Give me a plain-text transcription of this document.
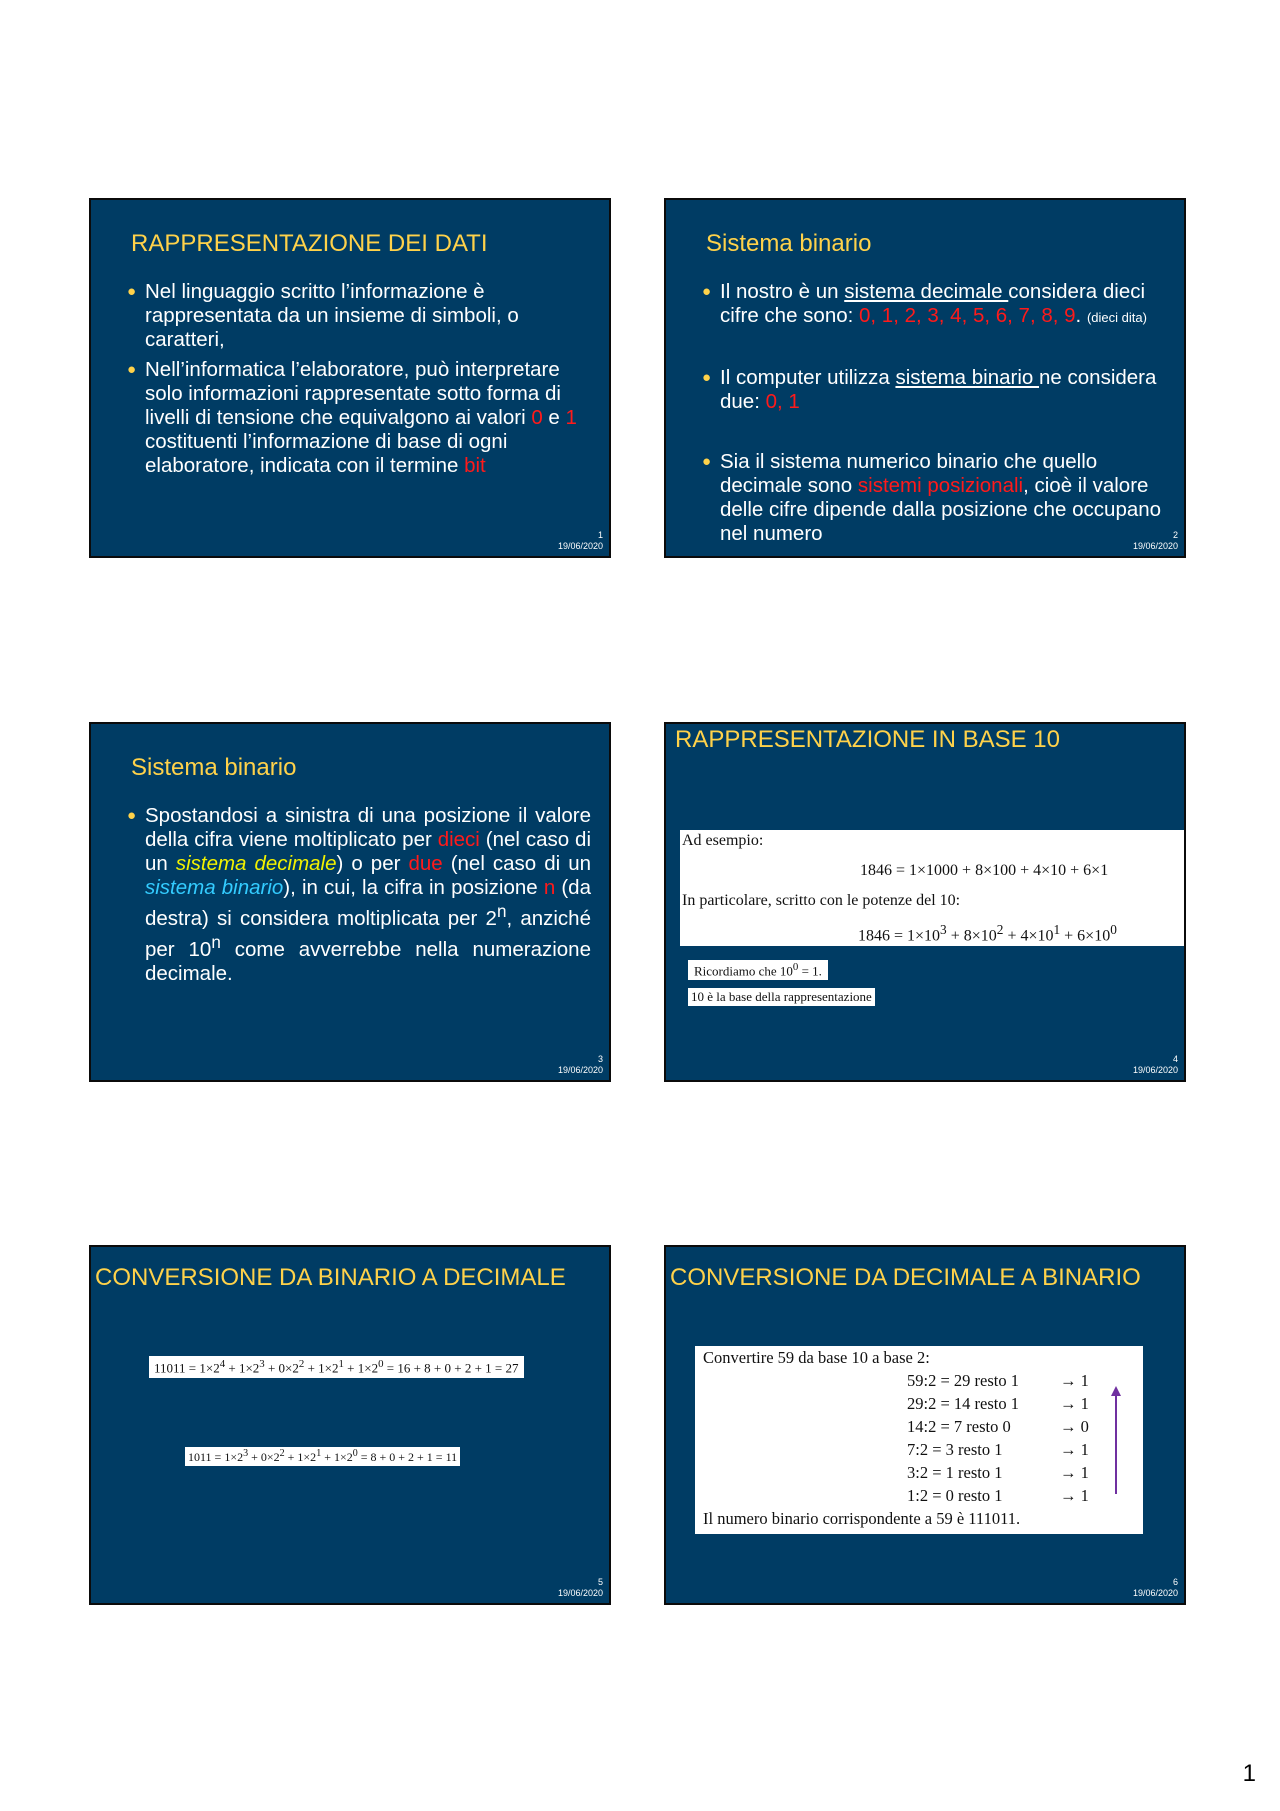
RAPPRESENTAZIONE DEI DATI
● Nel linguaggio scritto l’informazione è rappresentata da un insieme di simboli, o caratteri,
● Nell’informatica l’elaboratore, può interpretare solo informazioni rappresentate sotto forma di livelli di tensione che equivalgono ai valori 0 e 1 costituenti l’informazione di base di ogni elaboratore, indicata con il termine bit
1
19/06/2020
Sistema binario
● Il nostro è un sistema decimale considera dieci cifre che sono: 0, 1, 2, 3, 4, 5, 6, 7, 8, 9. (dieci dita)
● Il computer utilizza sistema binario ne considera due: 0, 1
● Sia il sistema numerico binario che quello decimale sono sistemi posizionali, cioè il valore delle cifre dipende dalla posizione che occupano nel numero	2
19/06/2020
Sistema binario
● Spostandosi a sinistra di una posizione il valore della cifra viene moltiplicato per dieci (nel caso di un sistema decimale) o per due (nel caso di un sistema binario), in cui, la cifra in posizione n (da destra) si considera moltiplicata per 2$^n$, anziché per 10$^n$ come avverrebbe nella numerazione decimale.
3
19/06/2020
RAPPRESENTAZIONE IN BASE 10
Ad esempio:
1846 = 1×1000 + 8×100 + 4×10 + 6×1
In particolare, scritto con le potenze del 10:
$1846 = 1\times 10^3 + 8\times 10^2 + 4\times 10^1 + 6\times 10^0$
Ricordiamo che $10^0 = 1$.
10 è la base della rappresentazione
4
19/06/2020
CONVERSIONE DA BINARIO A DECIMALE
$11011 = 1\times 2^4 + 1\times 2^3 + 0\times 2^2 + 1\times 2^1 + 1\times 2^0 = 16 + 8 + 0 + 2 + 1 = 27$
$1011 = 1\times 2^3 + 0\times 2^2 + 1\times 2^1 + 1\times 2^0 = 8 + 0 + 2 + 1 = 11$
5
19/06/2020
CONVERSIONE DA DECIMALE A BINARIO
Convertire 59 da base 10 a base 2:
59:2 = 29 resto 1 → 1
29:2 = 14 resto 1 → 1
14:2 = 7 resto 0	→ 0
7:2 = 3 resto 1	→ 1
3:2 = 1 resto 1	→ 1
1:2 = 0 resto 1	→ 1
Il numero binario corrispondente a 59 è 111011.
6
19/06/2020
1
